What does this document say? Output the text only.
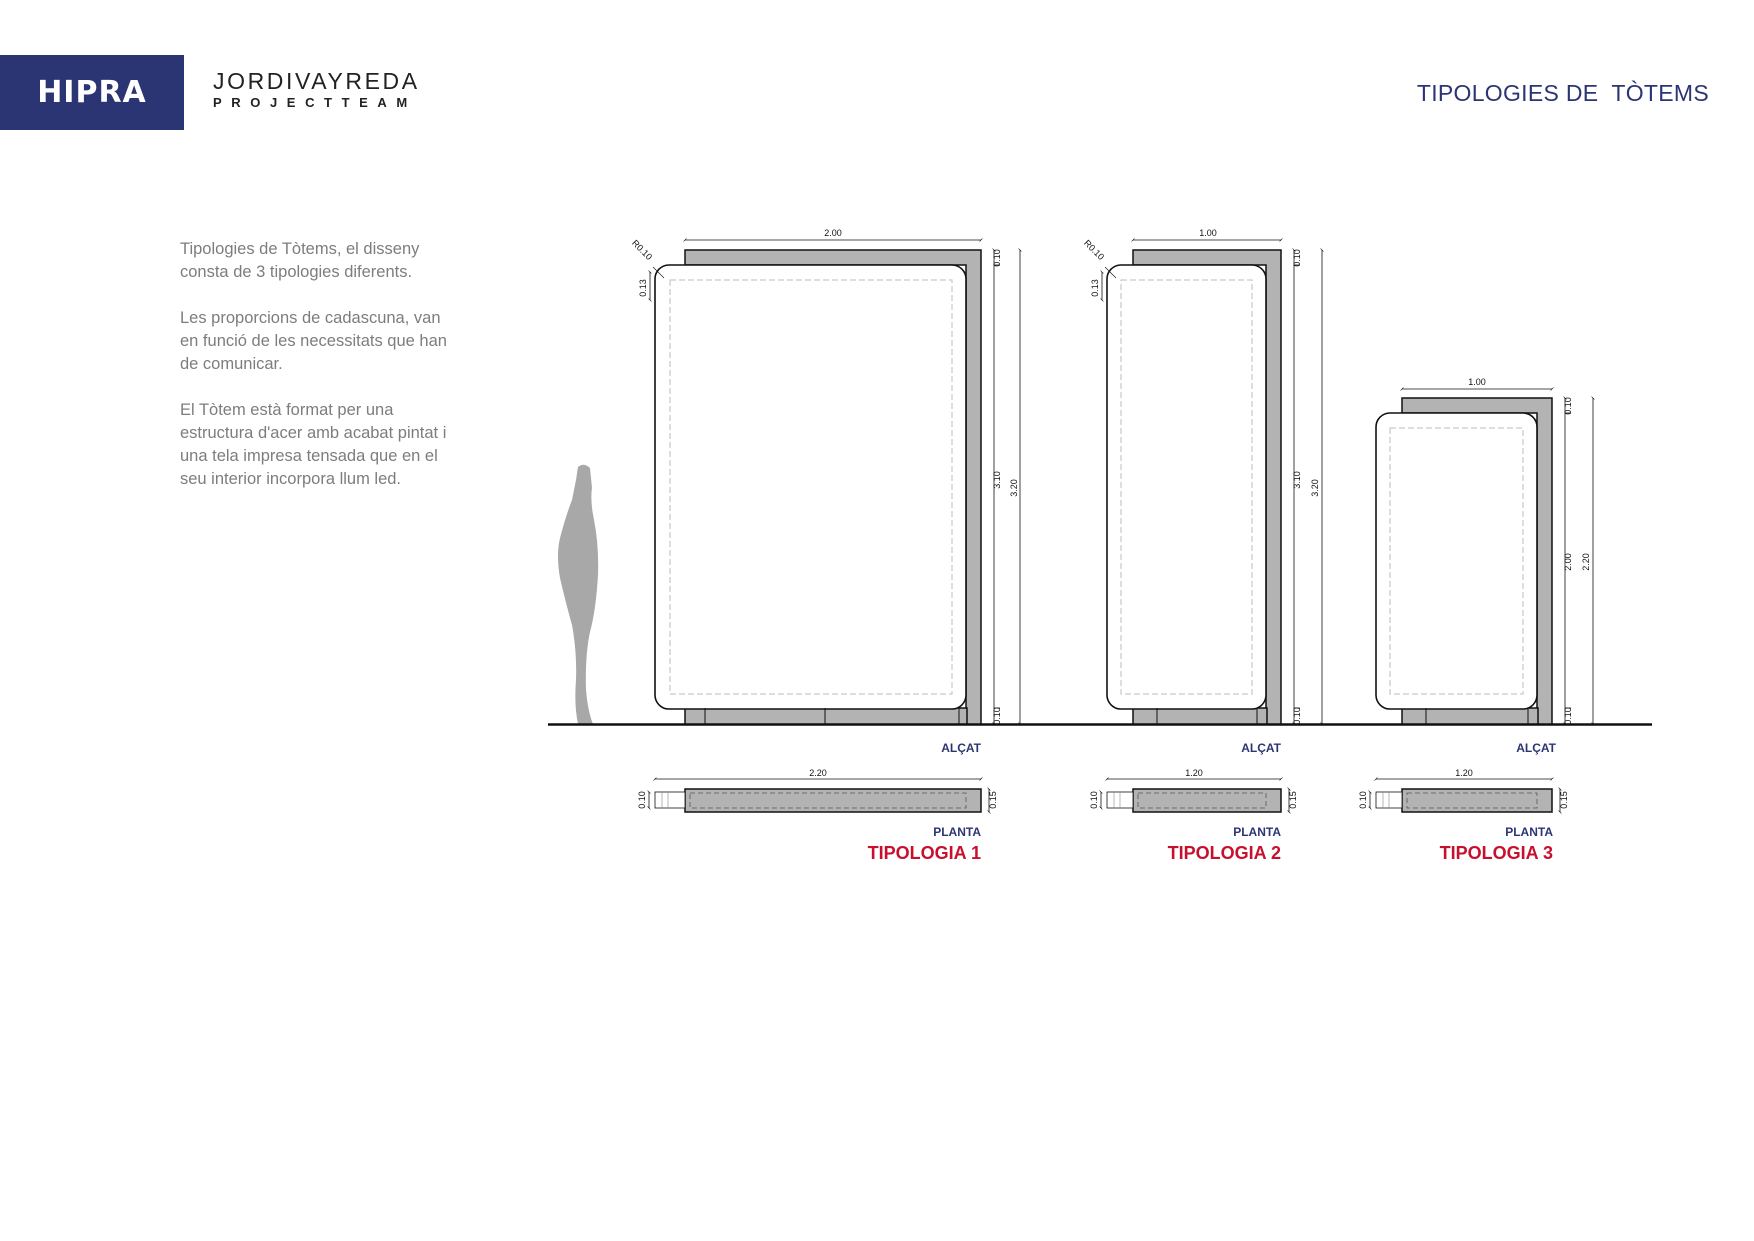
HIPRA	JORDIVAYREDA
PROJECTTEAM	TIPOLOGIES DE  TÒTEMS

Tipologies de Tòtems, el disseny consta de 3 tipologies diferents.

Les proporcions de cadascuna, van en funció de les necessitats que han de comunicar.

El Tòtem està format per una estructura d'acer amb acabat pintat i una tela impresa tensada que en el seu interior incorpora llum led.

2.00
0.10
3.10 3.20
0.10
R0.10
0.13
ALÇAT
2.20
0.10	0.15
PLANTA
TIPOLOGIA 1
1.00
0.10
3.10 3.20
0.10
R0.10
0.13
ALÇAT
1.20
0.10	0.15
PLANTA
TIPOLOGIA 2
1.00
0.10
2.00 2.20
0.10
ALÇAT
1.20
0.10	0.15
PLANTA
TIPOLOGIA 3
